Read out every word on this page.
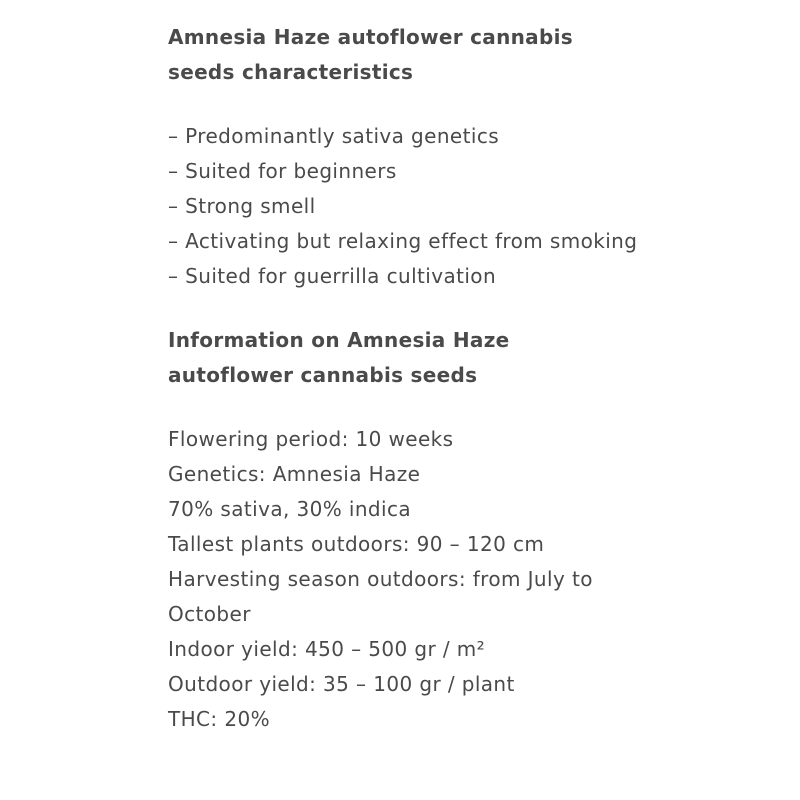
Amnesia Haze autoflower cannabis seeds characteristics
– Predominantly sativa genetics
– Suited for beginners
– Strong smell
– Activating but relaxing effect from smoking
– Suited for guerrilla cultivation
Information on Amnesia Haze autoflower cannabis seeds

Flowering period: 10 weeks

Genetics: Amnesia Haze

70% sativa, 30% indica

Tallest plants outdoors: 90 – 120 cm

Harvesting season outdoors: from July to October

Indoor yield: 450 – 500 gr / m²

Outdoor yield: 35 – 100 gr / plant

THC: 20%
